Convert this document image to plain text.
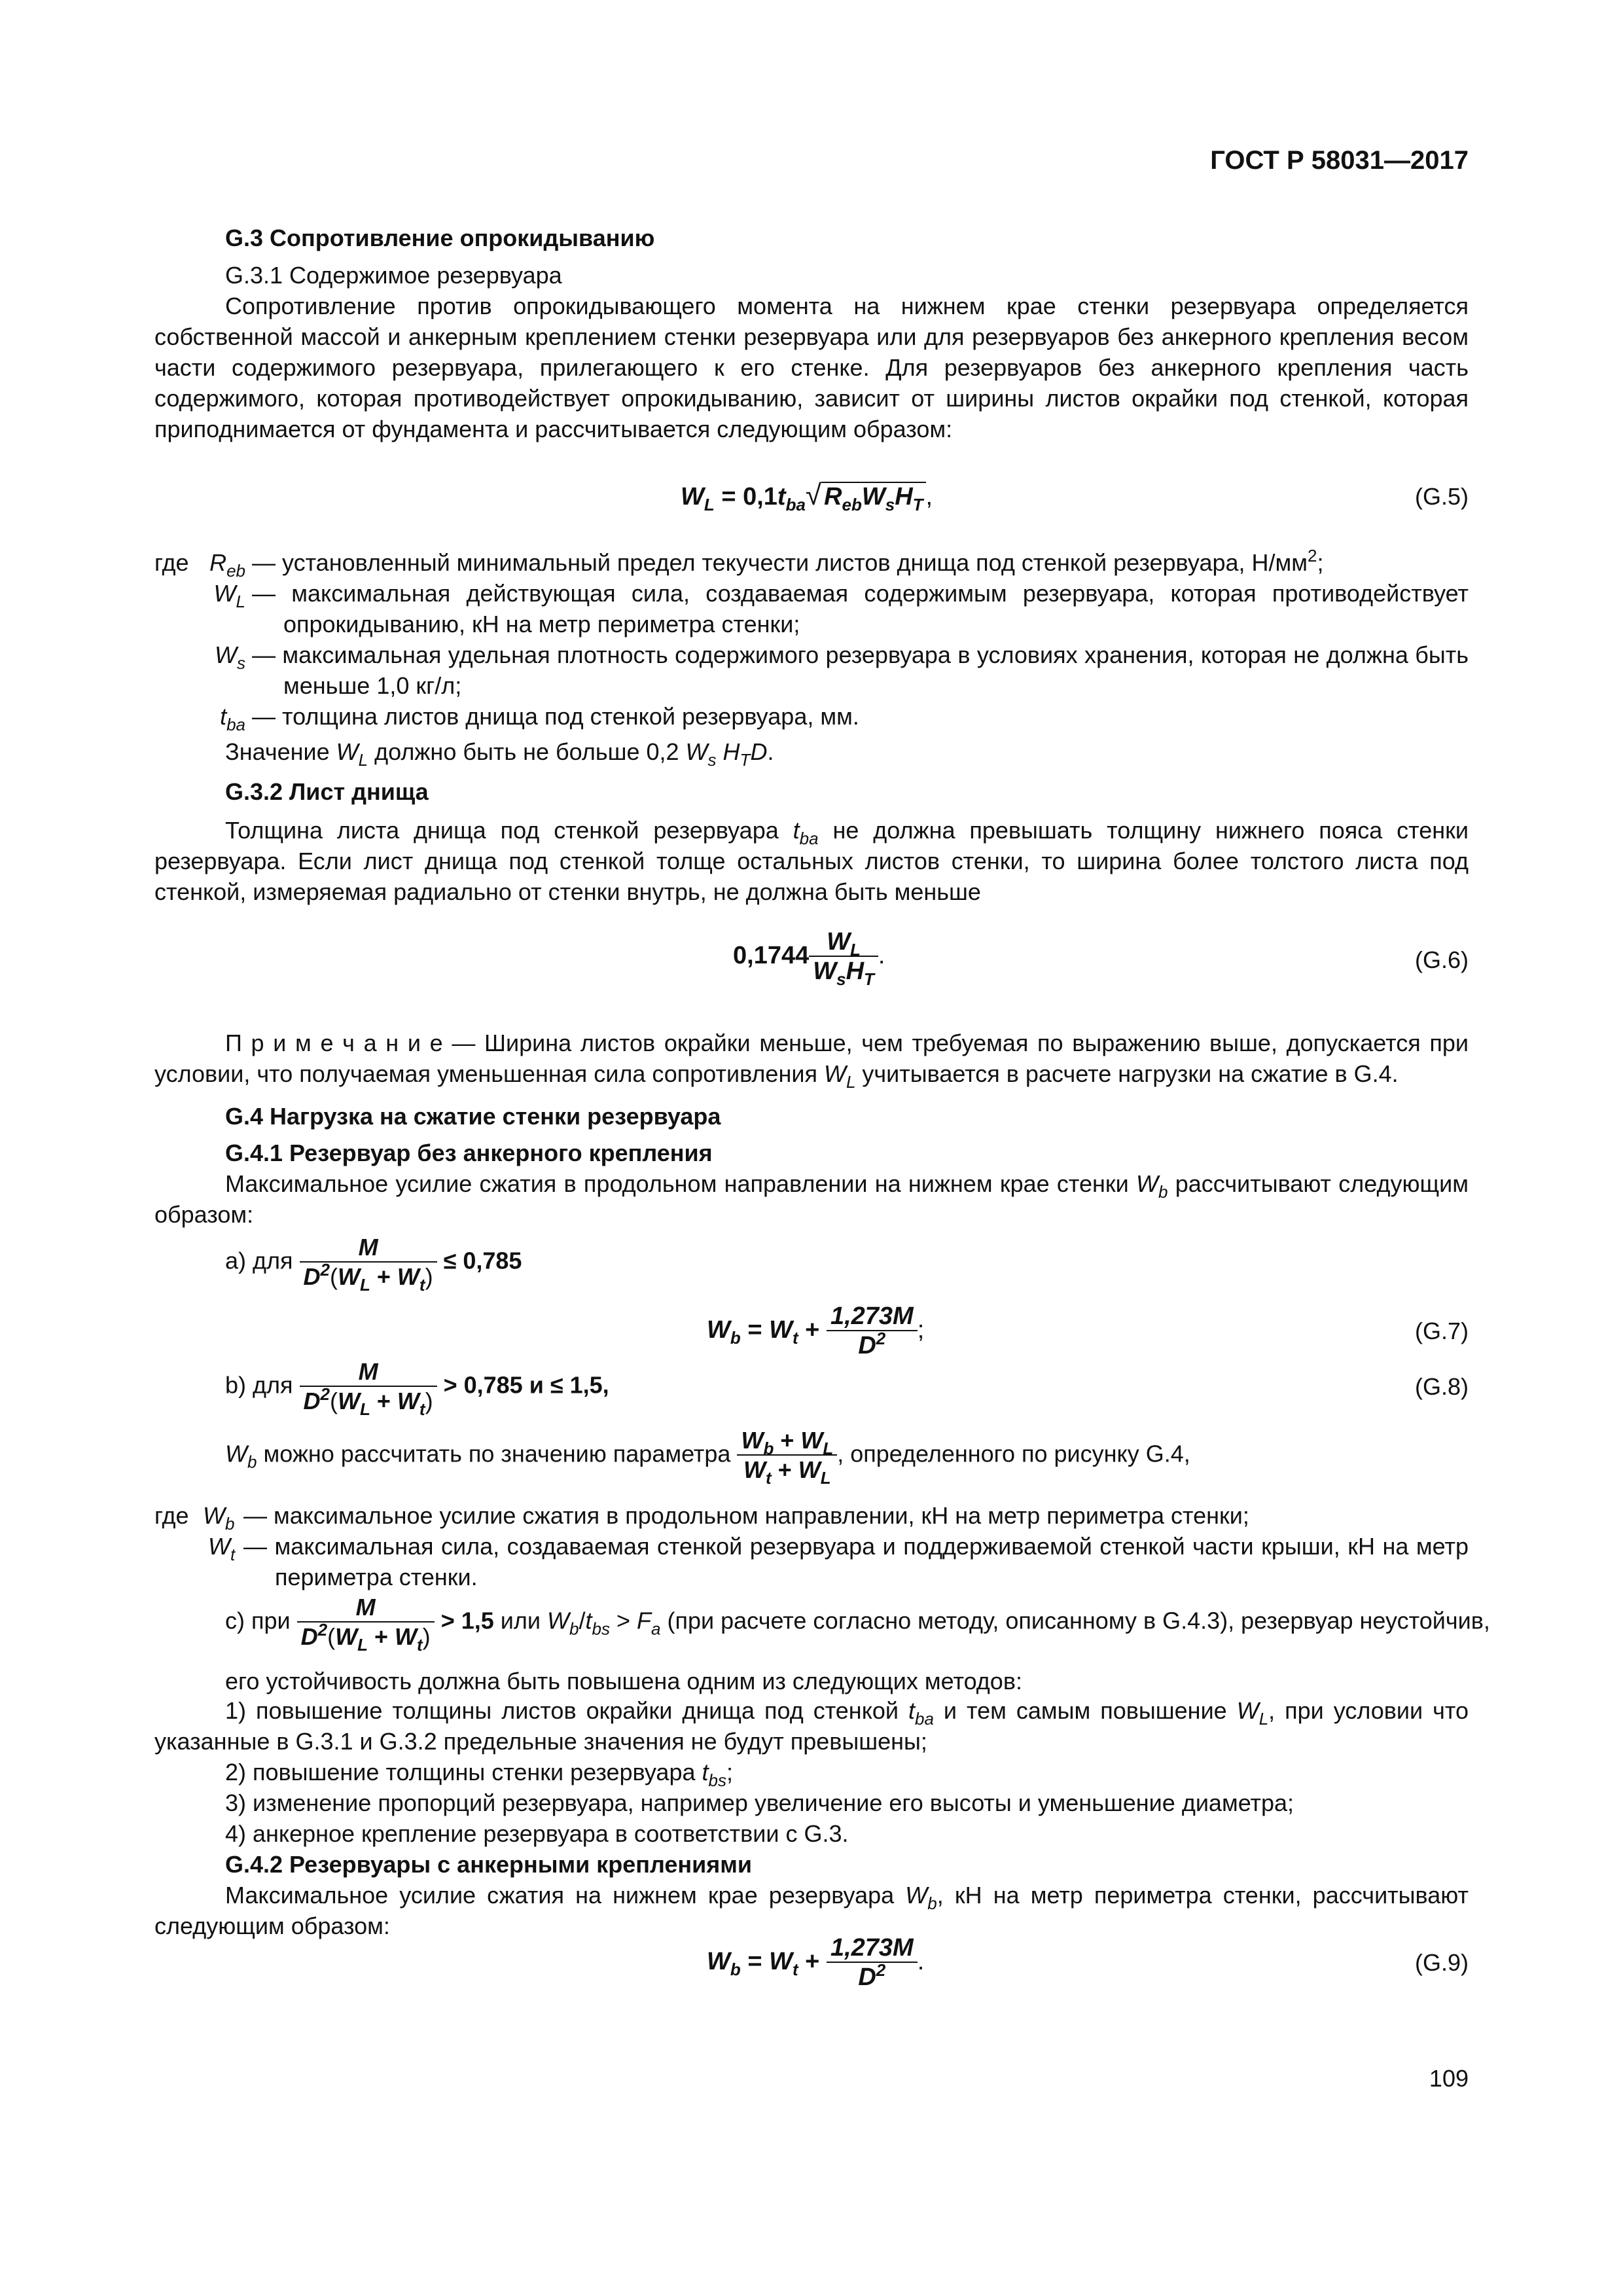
ГОСТ Р 58031—2017
G.3 Сопротивление опрокидыванию
G.3.1 Содержимое резервуара
Сопротивление против опрокидывающего момента на нижнем крае стенки резервуара определяется собственной массой и анкерным креплением стенки резервуара или для резервуаров без анкерного крепления весом части содержимого резервуара, прилегающего к его стенке. Для резервуаров без анкерного крепления часть содержимого, которая противодействует опрокидыванию, зависит от ширины листов окрайки под стенкой, которая приподнимается от фундамента и рассчитывается следующим образом:
$W_L = 0,1t_{ba}√$ $R_{eb}W_sH_T$ ,	(G.5)
где $R_{eb}$ — установленный минимальный предел текучести листов днища под стенкой резервуара, $Н/мм^2$;
$W_L$ — максимальная действующая сила, создаваемая содержимым резервуара, которая противодействует опрокидыванию, кН на метр периметра стенки;
$W_s$ — максимальная удельная плотность содержимого резервуара в условиях хранения, которая не должна быть меньше 1,0 кг/л;
$t_{ba}$ — толщина листов днища под стенкой резервуара, мм.
Значение $W_L$ должно быть не больше 0,2 $W_s$ $H_TD$.
G.3.2 Лист днища
Толщина листа днища под стенкой резервуара $t_{ba}$ не должна превышать толщину нижнего пояса стенки резервуара. Если лист днища под стенкой толще остальных листов стенки, то ширина более толстого листа под стенкой, измеряемая радиально от стенки внутрь, не должна быть меньше
$0,1744 \frac{W_L}{W_sH_T}$ .	(G.6)
П р и м е ч а н и е — Ширина листов окрайки меньше, чем требуемая по выражению выше, допускается при условии, что получаемая уменьшенная сила сопротивления $W_L$ учитывается в расчете нагрузки на сжатие в G.4.
G.4 Нагрузка на сжатие стенки резервуара
G.4.1 Резервуар без анкерного крепления
Максимальное усилие сжатия в продольном направлении на нижнем крае стенки $W_b$ рассчитывают следующим образом:
a) для $\frac{M}{D^2(W_L + W_t)} \le 0,785$
$W_b = W_t + \frac{1,273M}{D^2}$ ;	(G.7)
b) для $\frac{M}{D^2(W_L + W_t)} > 0,785$ и ≤ 1,5,	(G.8)
$W_b$ можно рассчитать по значению параметра $\frac{W_b + W_L}{W_t + W_L}$ , определенного по рисунку G.4,
где $W_b$ — максимальное усилие сжатия в продольном направлении, кН на метр периметра стенки;
$W_t$ — максимальная сила, создаваемая стенкой резервуара и поддерживаемой стенкой части крыши, кН на метр периметра стенки.
c) при $\frac{M}{D^2(W_L + W_t)} > 1,5$ или $W_b/t_{bs} > F_a$ (при расчете согласно методу, описанному в G.4.3), резервуар неустойчив,
его устойчивость должна быть повышена одним из следующих методов:
1) повышение толщины листов окрайки днища под стенкой $t_{ba}$ и тем самым повышение $W_L$, при условии что указанные в G.3.1 и G.3.2 предельные значения не будут превышены;
2) повышение толщины стенки резервуара $t_{bs}$;
3) изменение пропорций резервуара, например увеличение его высоты и уменьшение диаметра;
4) анкерное крепление резервуара в соответствии с G.3.
G.4.2 Резервуары с анкерными креплениями
Максимальное усилие сжатия на нижнем крае резервуара $W_b$, кН на метр периметра стенки, рассчитывают следующим образом:
$W_b = W_t + \frac{1,273M}{D^2}$ .	(G.9)
109
